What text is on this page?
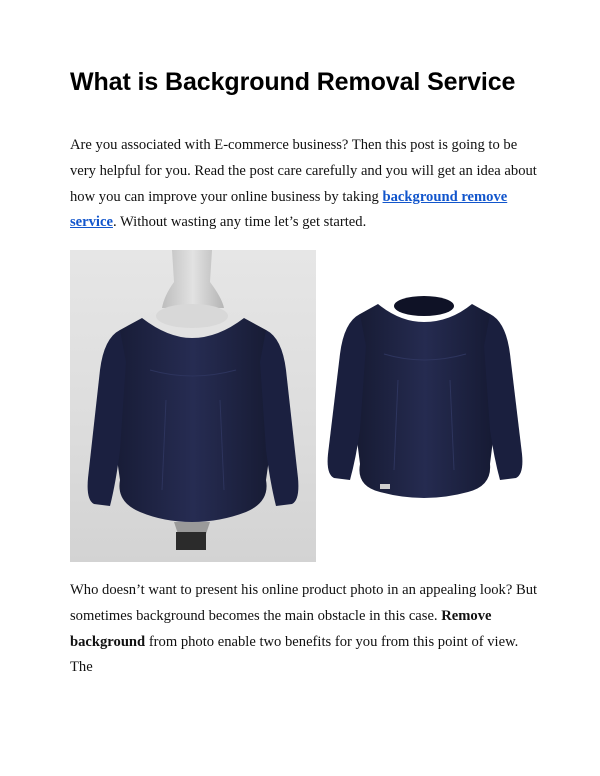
What is Background Removal Service

Are you associated with E-commerce business? Then this post is going to be very helpful for you. Read the post care carefully and you will get an idea about how you can improve your online business by taking background remove service. Without wasting any time let’s get started.

Who doesn’t want to present his online product photo in an appealing look? But sometimes background becomes the main obstacle in this case. Remove background from photo enable two benefits for you from this point of view. The
